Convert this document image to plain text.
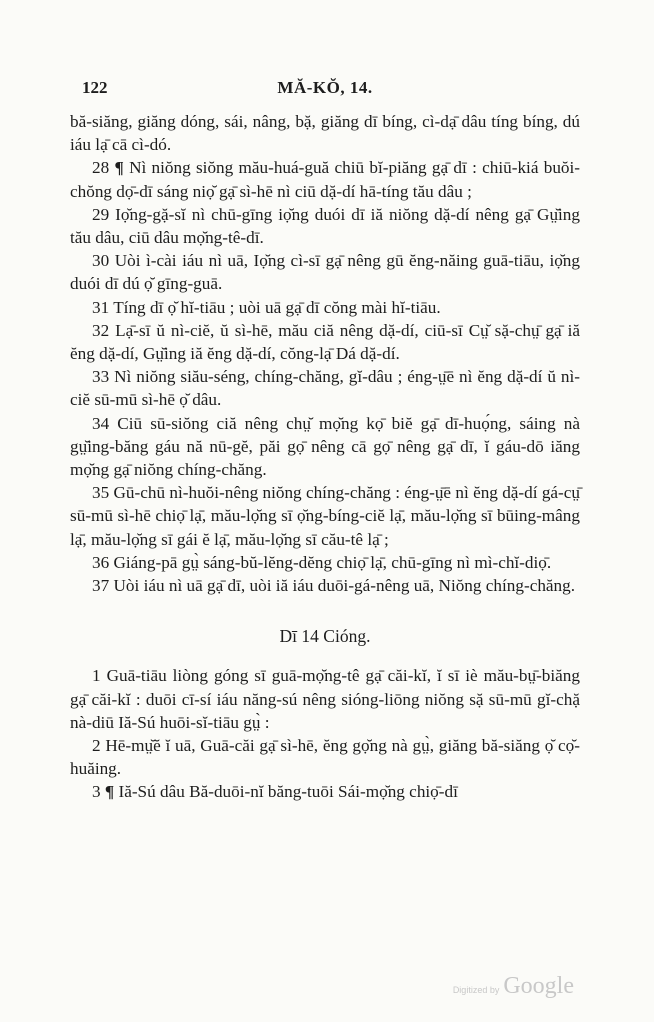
122	MĂ-KŎ, 14.

bă-siăng, giăng dóng, sái, nâng, bặ, giăng dī bíng, cì-dạ̄ dâu tíng bíng, dú iáu lạ̄ cā cì-dó.

28 ¶ Nì niŏng siŏng mău-huá-guă chiū bĭ-piăng gạ̄ dī : chiū-kiá buŏi-chŏng dọ̄-dī sáng niọ̆ gạ̄ sì-hē nì ciū dặ-dí hā-tíng tău dâu ;

29 Iọ̆ng-gặ-sĭ nì chū-gīng iọ̆ng duói dī iă niŏng dặ-dí nêng gạ̄ Gṳ̆ing tău dâu, ciū dâu mọ̆ng-tê-dī.

30 Uòi ì-cài iáu nì uā, Iọ̆ng cì-sī gạ̄ nêng gū ĕng-năing guā-tiāu, iọ̆ng duói dī dú ọ̆ gīng-guā.

31 Tíng dī ọ̆ hĭ-tiāu ; uòi uā gạ̄ dī cŏng mài hĭ-tiāu.

32 Lạ̄-sī ŭ nì-ciĕ, ŭ sì-hē, mău ciă nêng dặ-dí, ciū-sī Cṳ̆ sặ-chṳ̄ gạ̄ iă ĕng dặ-dí, Gṳ̆ing iă ĕng dặ-dí, cŏng-lạ̄ Dá dặ-dí.

33 Nì niŏng siău-séng, chíng-chăng, gĭ-dâu ; éng-ṳ̄ē nì ĕng dặ-dí ŭ nì-ciĕ sū-mū sì-hē ọ̆ dâu.

34 Ciū sū-siŏng ciă nêng chṳ̆ mọ̆ng kọ̄ biĕ gạ̄ dī-huọ́ng, sáing nà gṳ̆ing-băng gáu nă nū-gĕ, păi gọ̄ nêng cā gọ̄ nêng gạ̄ dī, ĭ gáu-dō iăng mọ̆ng gạ̄ niŏng chíng-chăng.

35 Gū-chū nì-huŏi-nêng niŏng chíng-chăng : éng-ṳ̄ē nì ĕng dặ-dí gá-cṳ̄ sū-mū sì-hē chiọ̄ lạ̄, mău-lọ̆ng sī ọ̆ng-bíng-ciĕ lạ̄, mău-lọ̆ng sī būing-mâng lạ̄, mău-lọ̆ng sī gái ĕ lạ̄, mău-lọ̆ng sī cău-tê lạ̄ ;

36 Giáng-pā gṳ̀ sáng-bŭ-lĕng-dĕng chiọ̄ lạ̄, chū-gīng nì mì-chĭ-diọ̄.

37 Uòi iáu nì uā gạ̄ dī, uòi iă iáu duōi-gá-nêng uā, Niŏng chíng-chăng.

Dī 14 Cióng.

1 Guā-tiāu liòng góng sī guā-mọ̆ng-tê gạ̄ căi-kĭ, ĭ sī iè mău-bṳ̄-biăng gạ̄ căi-kĭ : duōi cī-sí iáu năng-sú nêng sióng-liōng niŏng sặ sū-mū gĭ-chặ nà-diū Iă-Sú huōi-sĭ-tiāu gṳ̀ :

2 Hē-mṳ̆ĕ ĭ uā, Guā-căi gạ̄ sì-hē, ĕng gọ̆ng nà gṳ̀, giăng bă-siăng ọ̆ cọ̆-huăing.

3 ¶ Iă-Sú dâu Bă-duōi-nĭ băng-tuōi Sái-mọ̆ng chiọ̄-dī

Digitized by Google
